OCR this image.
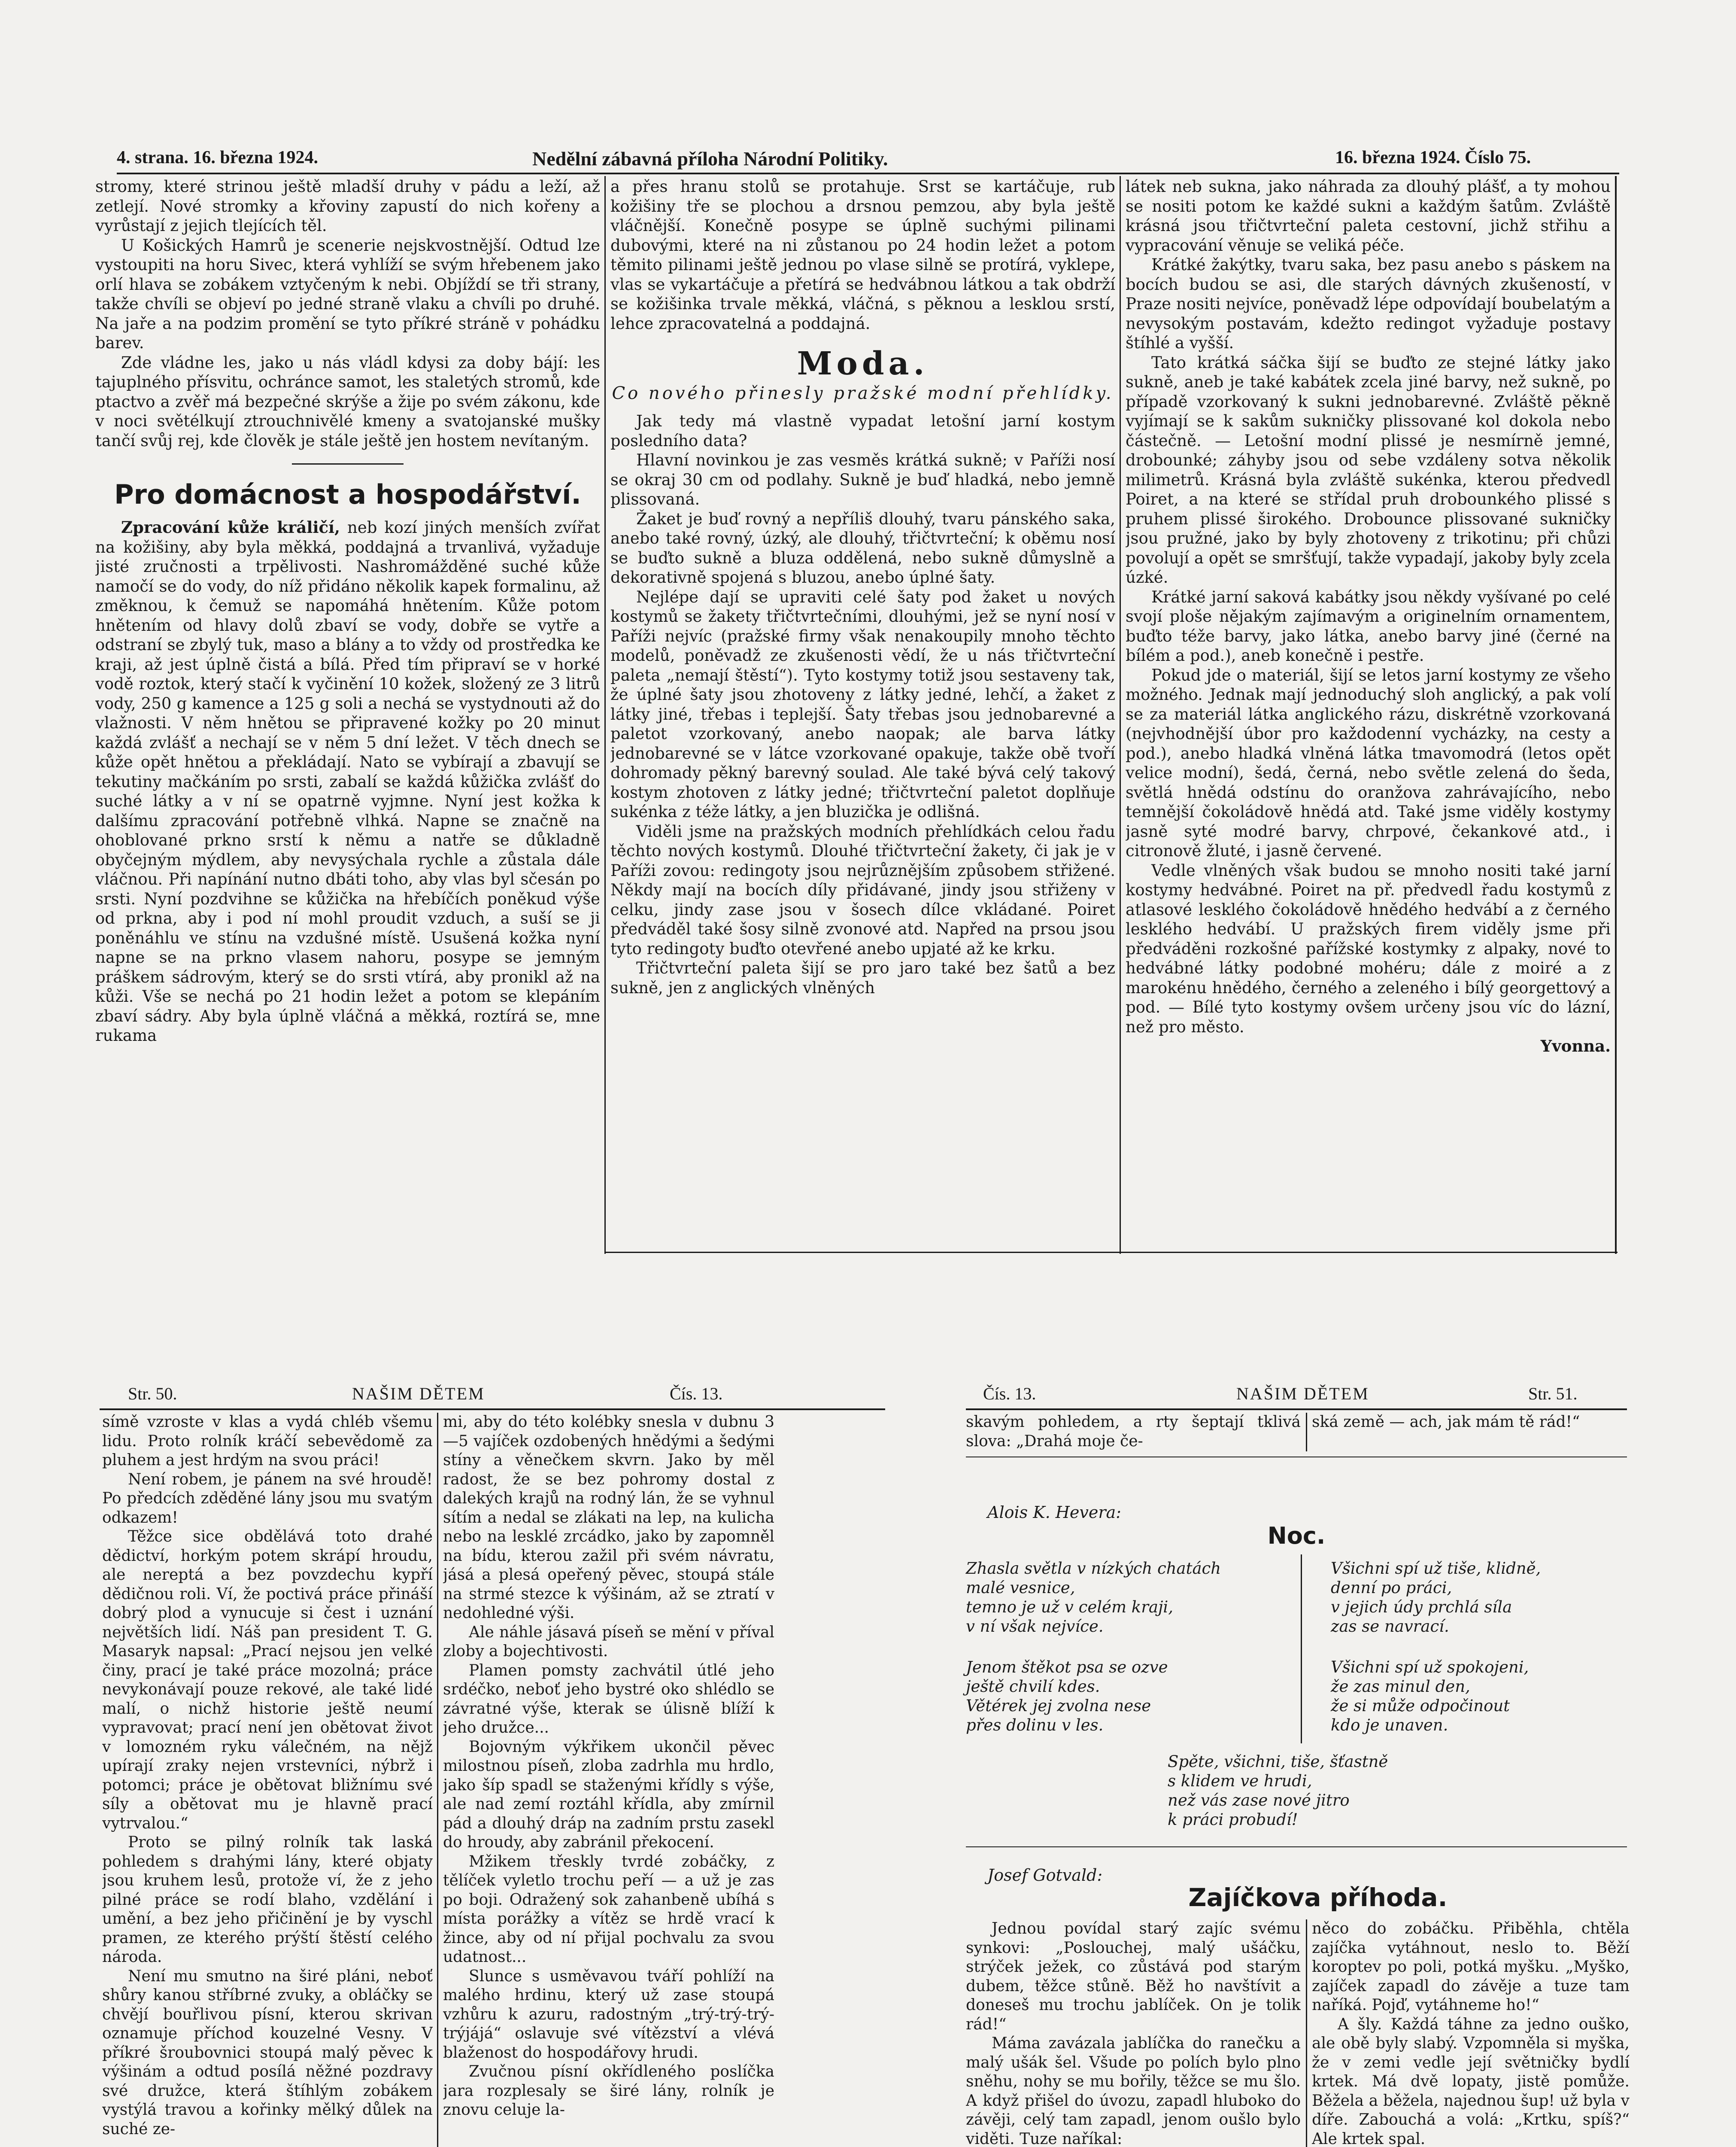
4. strana. 16. března 1924.	Nedělní zábavná příloha Národní Politiky.	16. března 1924. Číslo 75.

stromy, které strinou ještě mladší druhy v pádu a leží, až zetlejí. Nové stromky a křoviny zapustí do nich kořeny a vyrůstají z jejich tlejících těl.

U Košických Hamrů je scenerie nejskvostnější. Odtud lze vystoupiti na horu Sivec, která vyhlíží se svým hřebenem jako orlí hlava se zobákem vztyčeným k nebi. Objíždí se tři strany, takže chvíli se objeví po jedné straně vlaku a chvíli po druhé. Na jaře a na podzim promění se tyto příkré stráně v pohádku barev.

Zde vládne les, jako u nás vládl kdysi za doby bájí: les tajuplného přísvitu, ochránce samot, les staletých stromů, kde ptactvo a zvěř má bezpečné skrýše a žije po svém zákonu, kde v noci světélkují ztrouchnivělé kmeny a svatojanské mušky tančí svůj rej, kde člověk je stále ještě jen hostem nevítaným.

Pro domácnost a hospodářství.

Zpracování kůže králičí, neb kozí jiných menších zvířat na kožišiny, aby byla měkká, poddajná a trvanlivá, vyžaduje jisté zručnosti a trpělivosti. Nashromážděné suché kůže namočí se do vody, do níž přidáno několik kapek formalinu, až změknou, k čemuž se napomáhá hnětením. Kůže potom hnětením od hlavy dolů zbaví se vody, dobře se vytře a odstraní se zbylý tuk, maso a blány a to vždy od prostředka ke kraji, až jest úplně čistá a bílá. Před tím připraví se v horké vodě roztok, který stačí k vyčinění 10 kožek, složený ze 3 litrů vody, 250 g kamence a 125 g soli a nechá se vystydnouti až do vlažnosti. V něm hnětou se připravené kožky po 20 minut každá zvlášť a nechají se v něm 5 dní ležet. V těch dnech se kůže opět hnětou a překládají. Nato se vybírají a zbavují se tekutiny mačkáním po srsti, zabalí se každá kůžička zvlášť do suché látky a v ní se opatrně vyjmne. Nyní jest kožka k dalšímu zpracování potřebně vlhká. Napne se značně na ohoblované prkno srstí k němu a natře se důkladně obyčejným mýdlem, aby nevysýchala rychle a zůstala dále vláčnou. Při napínání nutno dbáti toho, aby vlas byl sčesán po srsti. Nyní pozdvihne se kůžička na hřebíčích poněkud výše od prkna, aby i pod ní mohl proudit vzduch, a suší se ji poněnáhlu ve stínu na vzdušné místě. Usušená kožka nyní napne se na prkno vlasem nahoru, posype se jemným práškem sádrovým, který se do srsti vtírá, aby pronikl až na kůži. Vše se nechá po 21 hodin ležet a potom se klepáním zbaví sádry. Aby byla úplně vláčná a měkká, roztírá se, mne rukama

a přes hranu stolů se protahuje. Srst se kartáčuje, rub kožišiny tře se plochou a drsnou pemzou, aby byla ještě vláčnější. Konečně posype se úplně suchými pilinami dubovými, které na ni zůstanou po 24 hodin ležet a potom těmito pilinami ještě jednou po vlase silně se protírá, vyklepe, vlas se vykartáčuje a přetírá se hedvábnou látkou a tak obdrží se kožišinka trvale měkká, vláčná, s pěknou a lesklou srstí, lehce zpracovatelná a poddajná.

Moda.
Co nového přinesly pražské modní přehlídky.

Jak tedy má vlastně vypadat letošní jarní kostym posledního data?

Hlavní novinkou je zas vesměs krátká sukně; v Paříži nosí se okraj 30 cm od podlahy. Sukně je buď hladká, nebo jemně plissovaná.

Žaket je buď rovný a nepříliš dlouhý, tvaru pánského saka, anebo také rovný, úzký, ale dlouhý, třičtvrteční; k oběmu nosí se buďto sukně a bluza oddělená, nebo sukně důmyslně a dekorativně spojená s bluzou, anebo úplné šaty.

Nejlépe dají se upraviti celé šaty pod žaket u nových kostymů se žakety třičtvrtečními, dlouhými, jež se nyní nosí v Paříži nejvíc (pražské firmy však nenakoupily mnoho těchto modelů, poněvadž ze zkušenosti vědí, že u nás třičtvrteční paleta „nemají štěstí“). Tyto kostymy totiž jsou sestaveny tak, že úplné šaty jsou zhotoveny z látky jedné, lehčí, a žaket z látky jiné, třebas i teplejší. Šaty třebas jsou jednobarevné a paletot vzorkovaný, anebo naopak; ale barva látky jednobarevné se v látce vzorkované opakuje, takže obě tvoří dohromady pěkný barevný soulad. Ale také bývá celý takový kostym zhotoven z látky jedné; třičtvrteční paletot doplňuje sukénka z téže látky, a jen bluzička je odlišná.

Viděli jsme na pražských modních přehlídkách celou řadu těchto nových kostymů. Dlouhé třičtvrteční žakety, či jak je v Paříži zovou: redingoty jsou nejrůznějším způsobem střižené. Někdy mají na bocích díly přidávané, jindy jsou střiženy v celku, jindy zase jsou v šosech dílce vkládané. Poiret předváděl také šosy silně zvonové atd. Napřed na prsou jsou tyto redingoty buďto otevřené anebo upjaté až ke krku.

Třičtvrteční paleta šijí se pro jaro také bez šatů a bez sukně, jen z anglických vlněných

látek neb sukna, jako náhrada za dlouhý plášť, a ty mohou se nositi potom ke každé sukni a každým šatům. Zvláště krásná jsou třičtvrteční paleta cestovní, jichž střihu a vypracování věnuje se veliká péče.

Krátké žakýtky, tvaru saka, bez pasu anebo s páskem na bocích budou se asi, dle starých dávných zkušeností, v Praze nositi nejvíce, poněvadž lépe odpovídají boubelatým a nevysokým postavám, kdežto redingot vyžaduje postavy štíhlé a vyšší.

Tato krátká sáčka šijí se buďto ze stejné látky jako sukně, aneb je také kabátek zcela jiné barvy, než sukně, po případě vzorkovaný k sukni jednobarevné. Zvláště pěkně vyjímají se k sakům sukničky plissované kol dokola nebo částečně. — Letošní modní plissé je nesmírně jemné, drobounké; záhyby jsou od sebe vzdáleny sotva několik milimetrů. Krásná byla zvláště sukénka, kterou předvedl Poiret, a na které se střídal pruh drobounkého plissé s pruhem plissé širokého. Drobounce plissované sukničky jsou pružné, jako by byly zhotoveny z trikotinu; při chůzi povolují a opět se smršťují, takže vypadají, jakoby byly zcela úzké.

Krátké jarní saková kabátky jsou někdy vyšívané po celé svojí ploše nějakým zajímavým a originelním ornamentem, buďto téže barvy, jako látka, anebo barvy jiné (černé na bílém a pod.), aneb konečně i pestře.

Pokud jde o materiál, šijí se letos jarní kostymy ze všeho možného. Jednak mají jednoduchý sloh anglický, a pak volí se za materiál látka anglického rázu, diskrétně vzorkovaná (nejvhodnější úbor pro každodenní vycházky, na cesty a pod.), anebo hladká vlněná látka tmavomodrá (letos opět velice modní), šedá, černá, nebo světle zelená do šeda, světlá hnědá odstínu do oranžova zahrávajícího, nebo temnější čokoládově hnědá atd. Také jsme viděly kostymy jasně syté modré barvy, chrpové, čekankové atd., i citronově žluté, i jasně červené.

Vedle vlněných však budou se mnoho nositi také jarní kostymy hedvábné. Poiret na př. předvedl řadu kostymů z atlasové lesklého čokoládově hnědého hedvábí a z černého lesklého hedvábí. U pražských firem viděly jsme při předváděni rozkošné pařížské kostymky z alpaky, nové to hedvábné látky podobné mohéru; dále z moiré a z marokénu hnědého, černého a zeleného i bílý georgettový a pod. — Bílé tyto kostymy ovšem určeny jsou víc do lázní, než pro město.

Yvonna.
Str. 50.	NAŠIM DĚTEM	Čís. 13.

símě vzroste v klas a vydá chléb všemu lidu. Proto rolník kráčí sebevědomě za pluhem a jest hrdým na svou práci!

Není robem, je pánem na své hroudě! Po předcích zděděné lány jsou mu svatým odkazem!

Těžce sice obdělává toto drahé dědictví, horkým potem skrápí hroudu, ale nereptá a bez povzdechu kypří dědičnou roli. Ví, že poctivá práce přináší dobrý plod a vynucuje si čest i uznání největších lidí. Náš pan president T. G. Masaryk napsal: „Prací nejsou jen velké činy, prací je také práce mozolná; práce nevykonávají pouze rekové, ale také lidé malí, o nichž historie ještě neumí vypravovat; prací není jen obětovat život v lomozném ryku válečném, na nějž upírají zraky nejen vrstevníci, nýbrž i potomci; práce je obětovat bližnímu své síly a obětovat mu je hlavně prací vytrvalou.“

Proto se pilný rolník tak laská pohledem s drahými lány, které objaty jsou kruhem lesů, protože ví, že z jeho pilné práce se rodí blaho, vzdělání i umění, a bez jeho přičinění je by vyschl pramen, ze kterého prýští štěstí celého národa.

Není mu smutno na širé pláni, neboť shůry kanou stříbrné zvuky, a obláčky se chvějí bouřlivou písní, kterou skrivan oznamuje příchod kouzelné Vesny. V příkré šroubovnici stoupá malý pěvec k výšinám a odtud posílá něžné pozdravy své družce, která štíhlým zobákem vystýlá travou a kořinky mělký důlek na suché ze-

mi, aby do této kolébky snesla v dubnu 3—5 vajíček ozdobených hnědými a šedými stíny a věnečkem skvrn. Jako by měl radost, že se bez pohromy dostal z dalekých krajů na rodný lán, že se vyhnul sítím a nedal se zlákati na lep, na kulicha nebo na lesklé zrcádko, jako by zapomněl na bídu, kterou zažil při svém návratu, jásá a plesá opeřený pěvec, stoupá stále na strmé stezce k výšinám, až se ztratí v nedohledné výši.

Ale náhle jásavá píseň se mění v příval zloby a bojechtivosti.

Plamen pomsty zachvátil útlé jeho srdéčko, neboť jeho bystré oko shlédlo se závratné výše, kterak se úlisně blíží k jeho družce...

Bojovným výkřikem ukončil pěvec milostnou píseň, zloba zadrhla mu hrdlo, jako šíp spadl se staženými křídly s výše, ale nad zemí roztáhl křídla, aby zmírnil pád a dlouhý dráp na zadním prstu zasekl do hroudy, aby zabránil překocení.

Mžikem třeskly tvrdé zobáčky, z tělíček vyletlo trochu peří — a už je zas po boji. Odražený sok zahanbeně ubíhá s místa porážky a vítěz se hrdě vrací k žince, aby od ní přijal pochvalu za svou udatnost...

Slunce s usměvavou tváří pohlíží na malého hrdinu, který už zase stoupá vzhůru k azuru, radostným „trý-trý-trý-trýjájá“ oslavuje své vítězství a vlévá blaženost do hospodářovy hrudi.

Zvučnou písní okřídleného poslíčka jara rozplesaly se širé lány, rolník je znovu celuje la-

Čís. 13.	NAŠIM DĚTEM	Str. 51.

skavým pohledem, a rty šeptají tklivá slova: „Drahá moje če-

ská země — ach, jak mám tě rád!“

Alois K. Hevera:
Noc.
Zhasla světla v nízkých chatách
malé vesnice,
temno je už v celém kraji,
v ní však nejvíce.
Jenom štěkot psa se ozve
ještě chvilí kdes.
Větérek jej zvolna nese
přes dolinu v les.
Všichni spí už tiše, klidně,
denní po práci,
v jejich údy prchlá síla
zas se navrací.
Všichni spí už spokojeni,
že zas minul den,
že si může odpočinout
kdo je unaven.
Spěte, všichni, tiše, šťastně
s klidem ve hrudi,
než vás zase nové jitro
k práci probudí!
Josef Gotvald:
Zajíčkova příhoda.

Jednou povídal starý zajíc svému synkovi: „Poslouchej, malý ušáčku, strýček ježek, co zůstává pod starým dubem, těžce stůně. Běž ho navštívit a doneseš mu trochu jablíček. On je tolik rád!“

Máma zavázala jablíčka do ranečku a malý ušák šel. Všude po polích bylo plno sněhu, nohy se mu bořily, těžce se mu šlo. A když přišel do úvozu, zapadl hluboko do závěji, celý tam zapadl, jenom oušlo bylo viděti. Tuze naříkal:

něco do zobáčku. Přiběhla, chtěla zajíčka vytáhnout, neslo to. Běží koroptev po poli, potká myšku. „Myško, zajíček zapadl do závěje a tuze tam naříká. Pojď, vytáhneme ho!“

A šly. Každá táhne za jedno ouško, ale obě byly slabý. Vzpomněla si myška, že v zemi vedle její světničky bydlí krtek. Má dvě lopaty, jistě pomůže. Běžela a běžela, najednou šup! už byla v díře. Zabouchá a volá: „Krtku, spíš?“ Ale krtek spal.
